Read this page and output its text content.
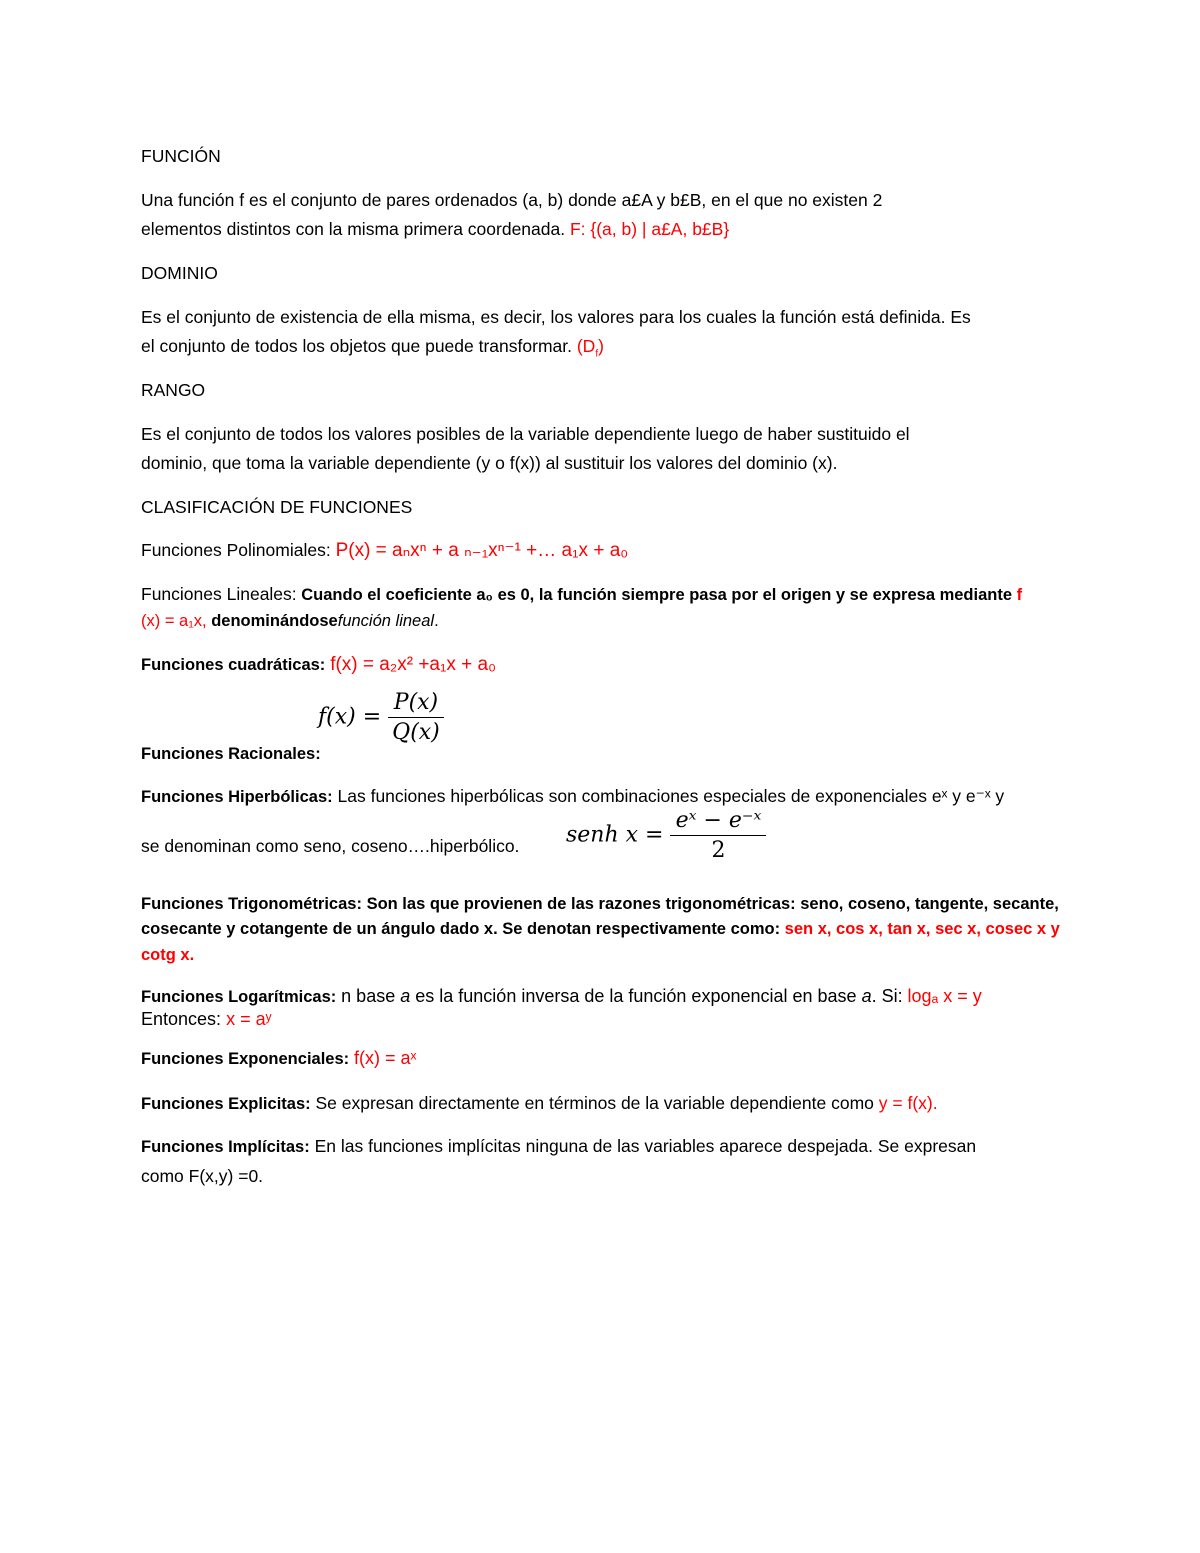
FUNCIÓN
Una función f es el conjunto de pares ordenados (a, b) donde a£A y b£B, en el que no existen 2
elementos distintos con la misma primera coordenada. F: {(a, b) | a£A, b£B}
DOMINIO
Es el conjunto de existencia de ella misma, es decir, los valores para los cuales la función está definida. Es
el conjunto de todos los objetos que puede transformar. $(D_f)$
RANGO
Es el conjunto de todos los valores posibles de la variable dependiente luego de haber sustituido el
dominio, que toma la variable dependiente (y o f(x)) al sustituir los valores del dominio (x).
CLASIFICACIÓN DE FUNCIONES
Funciones Polinomiales: P(x) = aₙxⁿ + a ₙ₋₁xⁿ⁻¹ +… a₁x + a₀
Funciones Lineales: Cuando el coeficiente a₀ es 0, la función siempre pasa por el origen y se expresa mediante f
(x) = a₁x, denominándosefunción lineal.
Funciones cuadráticas: f(x) = a₂x² +a₁x + a₀
$f(x) = \frac{P(x)}{Q(x)}$
Funciones Racionales:
Funciones Hiperbólicas: Las funciones hiperbólicas son combinaciones especiales de exponenciales eˣ y e⁻ˣ y
senh $x = \frac{\text{eˣ − e⁻ˣ}}{2}$
se denominan como seno, coseno….hiperbólico.
Funciones Trigonométricas: Son las que provienen de las razones trigonométricas: seno, coseno, tangente, secante,
cosecante y cotangente de un ángulo dado x. Se denotan respectivamente como: sen x, cos x, tan x, sec x, cosec x y
cotg x.
Funciones Logarítmicas: n base a es la función inversa de la función exponencial en base a. Si: logₐ x = y
Entonces: x = aʸ
Funciones Exponenciales: f(x) = aˣ
Funciones Explicitas: Se expresan directamente en términos de la variable dependiente como y = f(x).
Funciones Implícitas: En las funciones implícitas ninguna de las variables aparece despejada. Se expresan
como F(x,y) =0.
